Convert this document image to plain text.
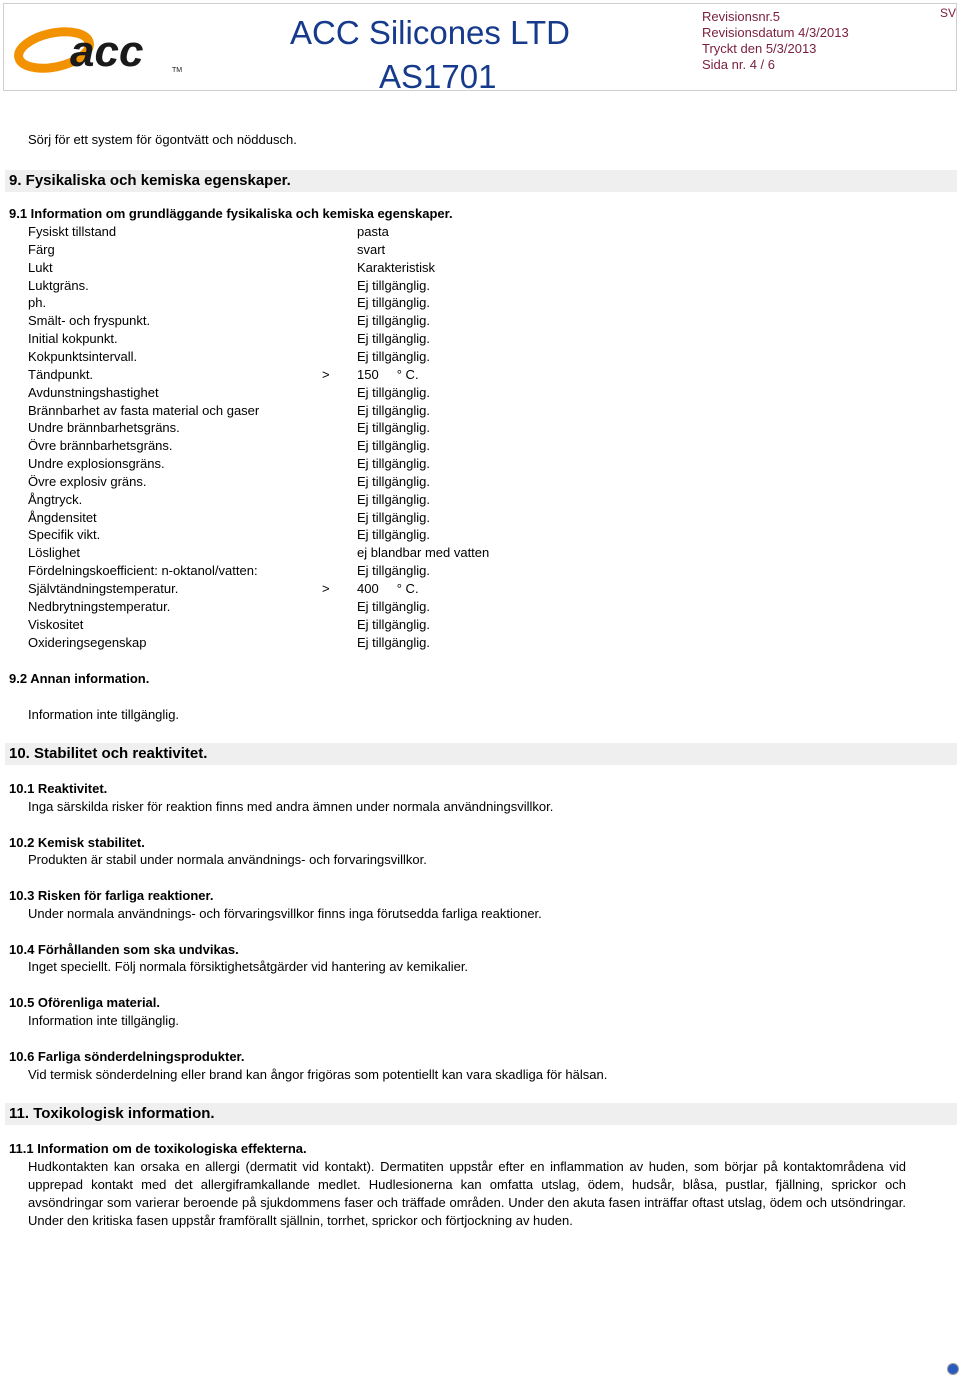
acc	TM
ACC Silicones LTD
AS1701
Revisionsnr.5
Revisionsdatum 4/3/2013
Tryckt den 5/3/2013
Sida nr. 4 / 6
SV
Sörj för ett system för ögontvätt och nöddusch.
9. Fysikaliska och kemiska egenskaper.
9.1 Information om grundläggande fysikaliska och kemiska egenskaper.
Fysiskt tillstand	pasta
Färg	svart
Lukt	Karakteristisk
Luktgräns.	Ej tillgänglig.
ph.	Ej tillgänglig.
Smält- och fryspunkt.	Ej tillgänglig.
Initial kokpunkt.	Ej tillgänglig.
Kokpunktsintervall.	Ej tillgänglig.
Tändpunkt.	> 150     ° C.
Avdunstningshastighet	Ej tillgänglig.
Brännbarhet av fasta material och gaser	Ej tillgänglig.
Undre brännbarhetsgräns.	Ej tillgänglig.
Övre brännbarhetsgräns.	Ej tillgänglig.
Undre explosionsgräns.	Ej tillgänglig.
Övre explosiv gräns.	Ej tillgänglig.
Ångtryck.	Ej tillgänglig.
Ångdensitet	Ej tillgänglig.
Specifik vikt.	Ej tillgänglig.
Löslighet	ej blandbar med vatten
Fördelningskoefficient: n-oktanol/vatten:	Ej tillgänglig.
Självtändningstemperatur.	> 400     ° C.
Nedbrytningstemperatur.	Ej tillgänglig.
Viskositet	Ej tillgänglig.
Oxideringsegenskap	Ej tillgänglig.
9.2 Annan information.
Information inte tillgänglig.
10. Stabilitet och reaktivitet.
10.1 Reaktivitet.
Inga särskilda risker för reaktion finns med andra ämnen under normala användningsvillkor.
10.2 Kemisk stabilitet.
Produkten är stabil under normala användnings- och forvaringsvillkor.
10.3 Risken för farliga reaktioner.
Under normala användnings- och förvaringsvillkor finns inga förutsedda farliga reaktioner.
10.4 Förhållanden som ska undvikas.
Inget speciellt. Följ normala försiktighetsåtgärder vid hantering av kemikalier.
10.5 Oförenliga material.
Information inte tillgänglig.
10.6 Farliga sönderdelningsprodukter.
Vid termisk sönderdelning eller brand kan ångor frigöras som potentiellt kan vara skadliga för hälsan.
11. Toxikologisk information.
11.1 Information om de toxikologiska effekterna.
Hudkontakten kan orsaka en allergi (dermatit vid kontakt). Dermatiten uppstår efter en inflammation av huden, som börjar på kontaktområdena vid upprepad kontakt med det allergiframkallande medlet. Hudlesionerna kan omfatta utslag, ödem, hudsår, blåsa, pustlar, fjällning, sprickor och avsöndringar som varierar beroende på sjukdommens faser och träffade områden. Under den akuta fasen inträffar oftast utslag, ödem och utsöndringar. Under den kritiska fasen uppstår framförallt själlnin, torrhet, sprickor och förtjockning av huden.
